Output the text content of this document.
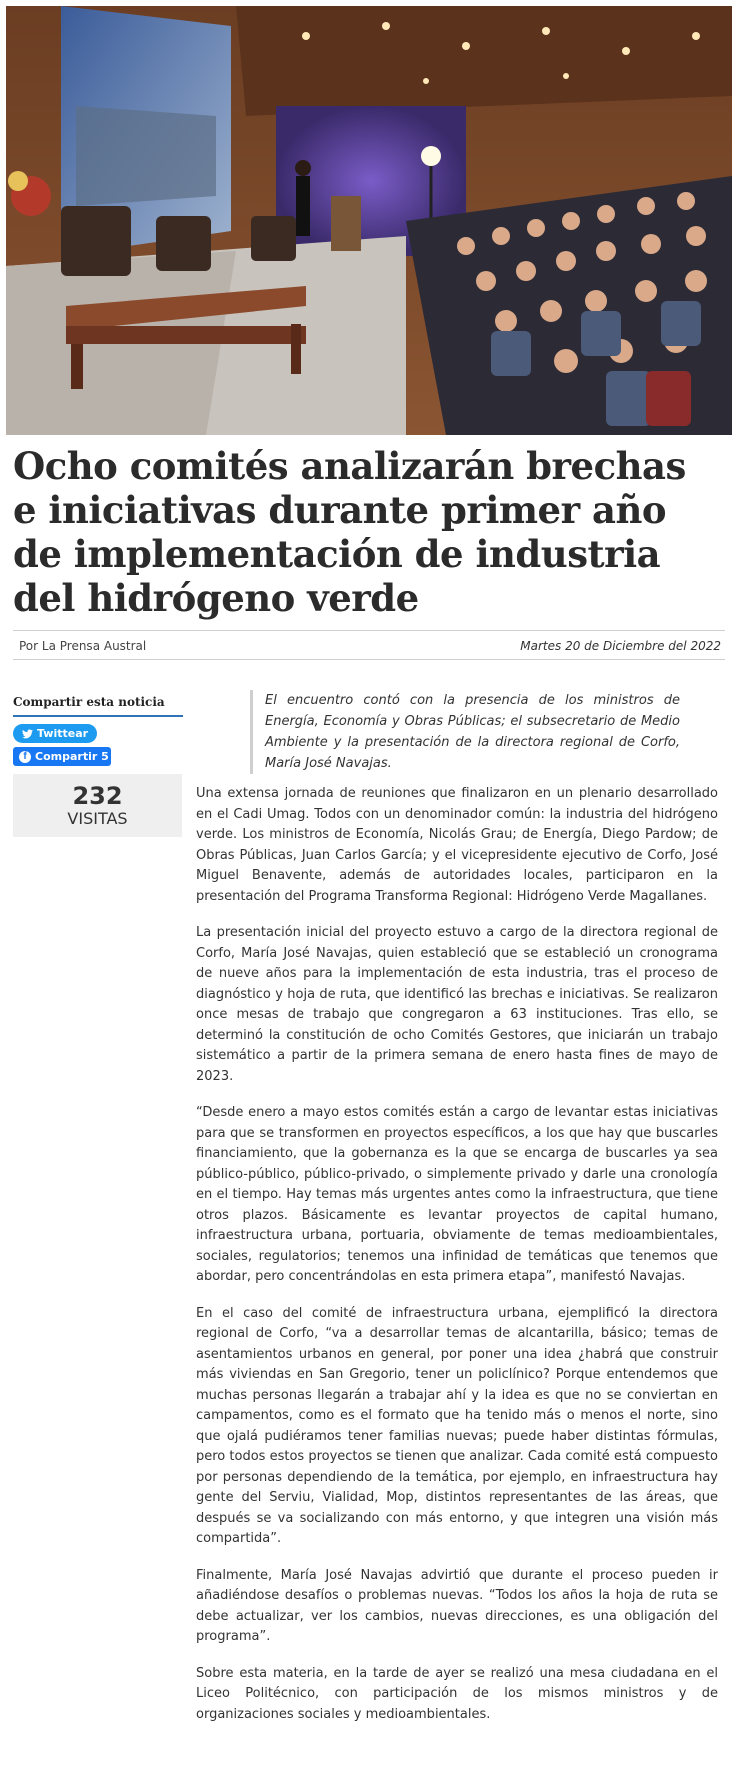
Ocho comités analizarán brechas e iniciativas durante primer año de implementación de industria del hidrógeno verde
Por La Prensa Austral	Martes 20 de Diciembre del 2022
Compartir esta noticia
Twittear
f Compartir 5
232
VISITAS
El encuentro contó con la presencia de los ministros de Energía, Economía y Obras Públicas; el subsecretario de Medio Ambiente y la presentación de la directora regional de Corfo, María José Navajas.

Una extensa jornada de reuniones que finalizaron en un plenario desarrollado en el Cadi Umag. Todos con un denominador común: la industria del hidrógeno verde. Los ministros de Economía, Nicolás Grau; de Energía, Diego Pardow; de Obras Públicas, Juan Carlos García; y el vicepresidente ejecutivo de Corfo, José Miguel Benavente, además de autoridades locales, participaron en la presentación del Programa Transforma Regional: Hidrógeno Verde Magallanes.

La presentación inicial del proyecto estuvo a cargo de la directora regional de Corfo, María José Navajas, quien estableció que se estableció un cronograma de nueve años para la implementación de esta industria, tras el proceso de diagnóstico y hoja de ruta, que identificó las brechas e iniciativas. Se realizaron once mesas de trabajo que congregaron a 63 instituciones. Tras ello, se determinó la constitución de ocho Comités Gestores, que iniciarán un trabajo sistemático a partir de la primera semana de enero hasta fines de mayo de 2023.

“Desde enero a mayo estos comités están a cargo de levantar estas iniciativas para que se transformen en proyectos específicos, a los que hay que buscarles financiamiento, que la gobernanza es la que se encarga de buscarles ya sea público-público, público-privado, o simplemente privado y darle una cronología en el tiempo. Hay temas más urgentes antes como la infraestructura, que tiene otros plazos. Básicamente es levantar proyectos de capital humano, infraestructura urbana, portuaria, obviamente de temas medioambientales, sociales, regulatorios; tenemos una infinidad de temáticas que tenemos que abordar, pero concentrándolas en esta primera etapa”, manifestó Navajas.

En el caso del comité de infraestructura urbana, ejemplificó la directora regional de Corfo, “va a desarrollar temas de alcantarilla, básico; temas de asentamientos urbanos en general, por poner una idea ¿habrá que construir más viviendas en San Gregorio, tener un policlínico? Porque entendemos que muchas personas llegarán a trabajar ahí y la idea es que no se conviertan en campamentos, como es el formato que ha tenido más o menos el norte, sino que ojalá pudiéramos tener familias nuevas; puede haber distintas fórmulas, pero todos estos proyectos se tienen que analizar. Cada comité está compuesto por personas dependiendo de la temática, por ejemplo, en infraestructura hay gente del Serviu, Vialidad, Mop, distintos representantes de las áreas, que después se va socializando con más entorno, y que integren una visión más compartida”.

Finalmente, María José Navajas advirtió que durante el proceso pueden ir añadiéndose desafíos o problemas nuevas. “Todos los años la hoja de ruta se debe actualizar, ver los cambios, nuevas direcciones, es una obligación del programa”.

Sobre esta materia, en la tarde de ayer se realizó una mesa ciudadana en el Liceo Politécnico, con participación de los mismos ministros y de organizaciones sociales y medioambientales.
